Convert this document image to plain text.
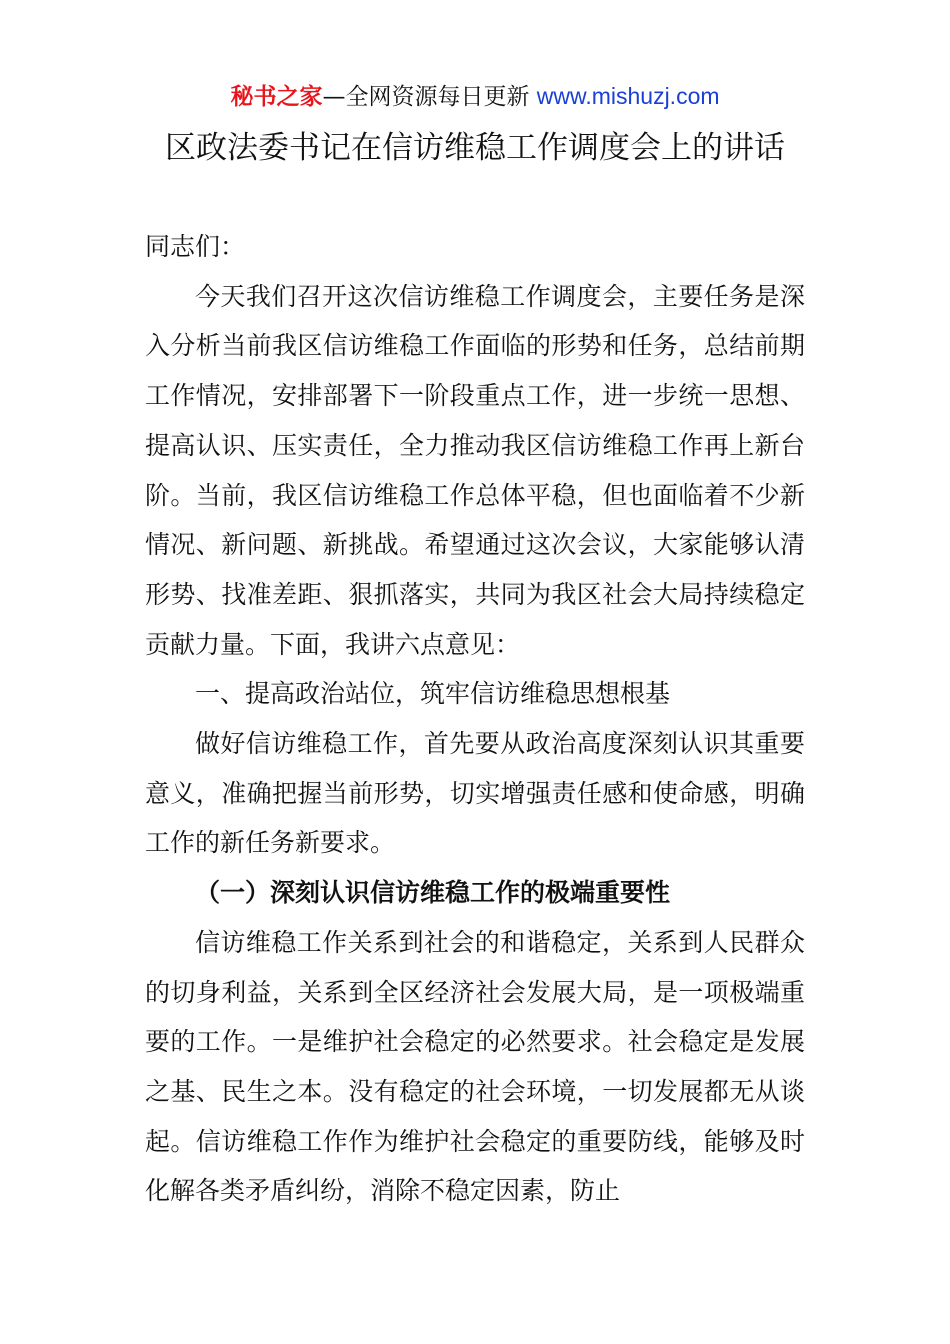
秘书之家—全网资源每日更新 www.mishuzj.com
区政法委书记在信访维稳工作调度会上的讲话

同志们：

今天我们召开这次信访维稳工作调度会，主要任务是深入分析当前我区信访维稳工作面临的形势和任务，总结前期工作情况，安排部署下一阶段重点工作，进一步统一思想、提高认识、压实责任，全力推动我区信访维稳工作再上新台阶。当前，我区信访维稳工作总体平稳，但也面临着不少新情况、新问题、新挑战。希望通过这次会议，大家能够认清形势、找准差距、狠抓落实，共同为我区社会大局持续稳定贡献力量。下面，我讲六点意见：

一、提高政治站位，筑牢信访维稳思想根基

做好信访维稳工作，首先要从政治高度深刻认识其重要意义，准确把握当前形势，切实增强责任感和使命感，明确工作的新任务新要求。

（一）深刻认识信访维稳工作的极端重要性

信访维稳工作关系到社会的和谐稳定，关系到人民群众的切身利益，关系到全区经济社会发展大局，是一项极端重要的工作。一是维护社会稳定的必然要求。社会稳定是发展之基、民生之本。没有稳定的社会环境，一切发展都无从谈起。信访维稳工作作为维护社会稳定的重要防线，能够及时化解各类矛盾纠纷，消除不稳定因素，防止
